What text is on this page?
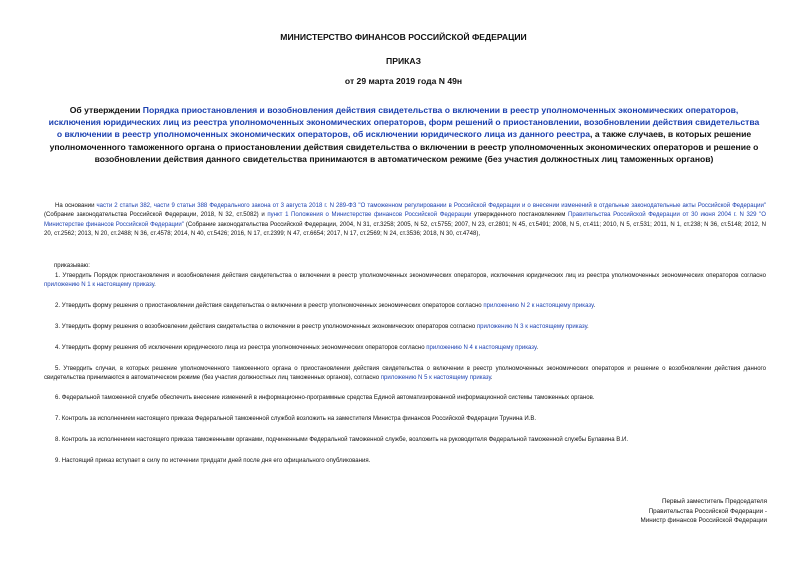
МИНИСТЕРСТВО ФИНАНСОВ РОССИЙСКОЙ ФЕДЕРАЦИИ
ПРИКАЗ
от 29 марта 2019 года N 49н
Об утверждении Порядка приостановления и возобновления действия свидетельства о включении в реестр уполномоченных экономических операторов, исключения юридических лиц из реестра уполномоченных экономических операторов, форм решений о приостановлении, возобновлении действия свидетельства о включении в реестр уполномоченных экономических операторов, об исключении юридического лица из данного реестра, а также случаев, в которых решение уполномоченного таможенного органа о приостановлении действия свидетельства о включении в реестр уполномоченных экономических операторов и решение о возобновлении действия данного свидетельства принимаются в автоматическом режиме (без участия должностных лиц таможенных органов)
На основании части 2 статьи 382, части 9 статьи 388 Федерального закона от 3 августа 2018 г. N 289-ФЗ "О таможенном регулировании в Российской Федерации и о внесении изменений в отдельные законодательные акты Российской Федерации" (Собрание законодательства Российской Федерации, 2018, N 32, ст.5082) и пункт 1 Положения о Министерстве финансов Российской Федерации утвержденного постановлением Правительства Российской Федерации от 30 июня 2004 г. N 329 "О Министерстве финансов Российской Федерации" (Собрание законодательства Российской Федерации, 2004, N 31, ст.3258; 2005, N 52, ст.5755; 2007, N 23, ст.2801; N 45, ст.5491; 2008, N 5, ст.411; 2010, N 5, ст.531; 2011, N 1, ст.238; N 36, ст.5148; 2012, N 20, ст.2562; 2013, N 20, ст.2488; N 36, ст.4578; 2014, N 40, ст.5426; 2016, N 17, ст.2399; N 47, ст.6654; 2017, N 17, ст.2569; N 24, ст.3536; 2018, N 30, ст.4748),
приказываю:
1. Утвердить Порядок приостановления и возобновления действия свидетельства о включении в реестр уполномоченных экономических операторов, исключения юридических лиц из реестра уполномоченных экономических операторов согласно приложению N 1 к настоящему приказу.
2. Утвердить форму решения о приостановлении действия свидетельства о включении в реестр уполномоченных экономических операторов согласно приложению N 2 к настоящему приказу.
3. Утвердить форму решения о возобновлении действия свидетельства о включении в реестр уполномоченных экономических операторов согласно приложению N 3 к настоящему приказу.
4. Утвердить форму решения об исключении юридического лица из реестра уполномоченных экономических операторов согласно приложению N 4 к настоящему приказу.
5. Утвердить случаи, в которых решение уполномоченного таможенного органа о приостановлении действия свидетельства о включении в реестр уполномоченных экономических операторов и решение о возобновлении действия данного свидетельства принимаются в автоматическом режиме (без участия должностных лиц таможенных органов), согласно приложению N 5 к настоящему приказу.
6. Федеральной таможенной службе обеспечить внесение изменений в информационно-программные средства Единой автоматизированной информационной системы таможенных органов.
7. Контроль за исполнением настоящего приказа Федеральной таможенной службой возложить на заместителя Министра финансов Российской Федерации Трунина И.В.
8. Контроль за исполнением настоящего приказа таможенными органами, подчиненными Федеральной таможенной службе, возложить на руководителя Федеральной таможенной службы Булавина В.И.
9. Настоящий приказ вступает в силу по истечении тридцати дней после дня его официального опубликования.
Первый заместитель Председателя
Правительства Российской Федерации -
Министр финансов Российской Федерации
